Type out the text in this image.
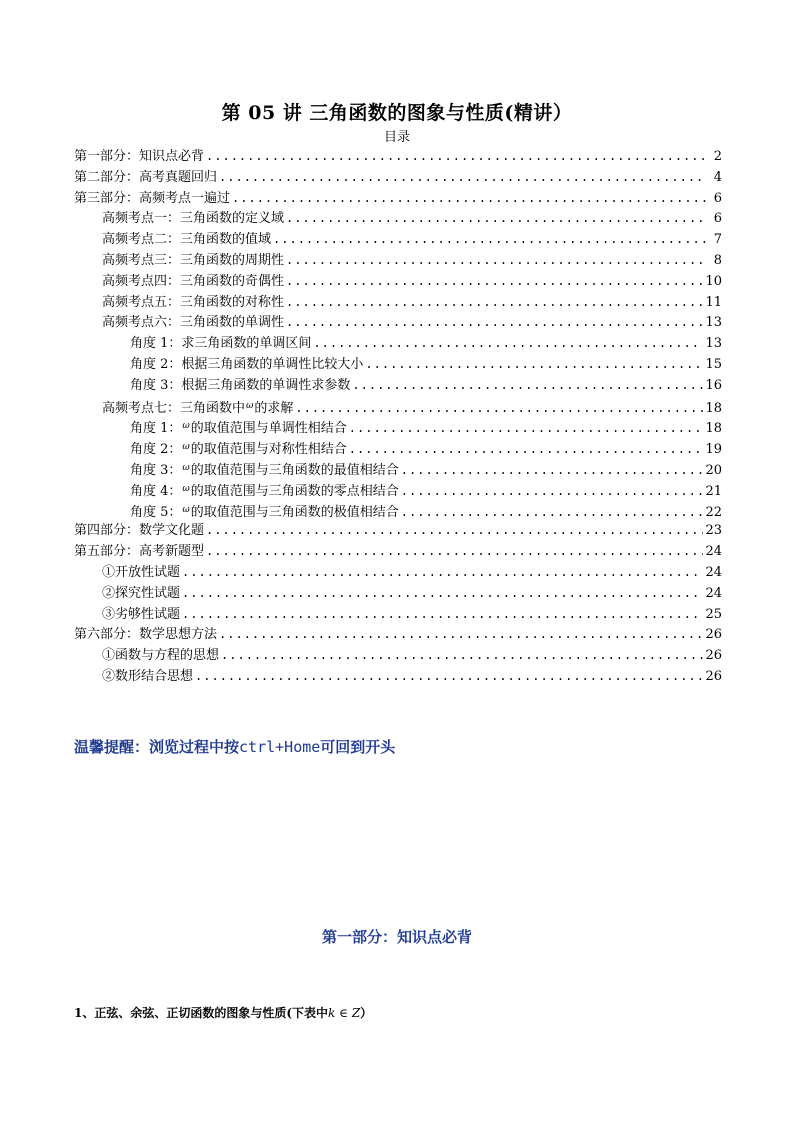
第 05 讲 三角函数的图象与性质(精讲）
目录
第一部分：知识点必背 .....	2
第二部分：高考真题回归 .....	4
第三部分：高频考点一遍过 .....	6
高频考点一：三角函数的定义域 .....	6
高频考点二：三角函数的值域 .....	7
高频考点三：三角函数的周期性 .....	8
高频考点四：三角函数的奇偶性 .....	10
高频考点五：三角函数的对称性 .....	11
高频考点六：三角函数的单调性 .....	13
角度 1：求三角函数的单调区间 .....	13
角度 2：根据三角函数的单调性比较大小 .....	15
角度 3：根据三角函数的单调性求参数 .....	16
高频考点七：三角函数中$^\omega$的求解 .....	18
角度 1：$^\omega$的取值范围与单调性相结合 .....	18
角度 2：$^\omega$的取值范围与对称性相结合 .....	19
角度 3：$^\omega$的取值范围与三角函数的最值相结合 .....	20
角度 4：$^\omega$的取值范围与三角函数的零点相结合 .....	21
角度 5：$^\omega$的取值范围与三角函数的极值相结合 .....	22
第四部分：数学文化题 .....	23
第五部分：高考新题型 .....	24
①开放性试题 .....	24
②探究性试题 .....	24
③劣够性试题 .....	25
第六部分：数学思想方法 .....	26
①函数与方程的思想 .....	26
②数形结合思想 .....	26
温馨提醒：浏览过程中按ctrl+Home可回到开头
第一部分：知识点必背
1、正弦、余弦、正切函数的图象与性质(下表中k ∈ Z）
